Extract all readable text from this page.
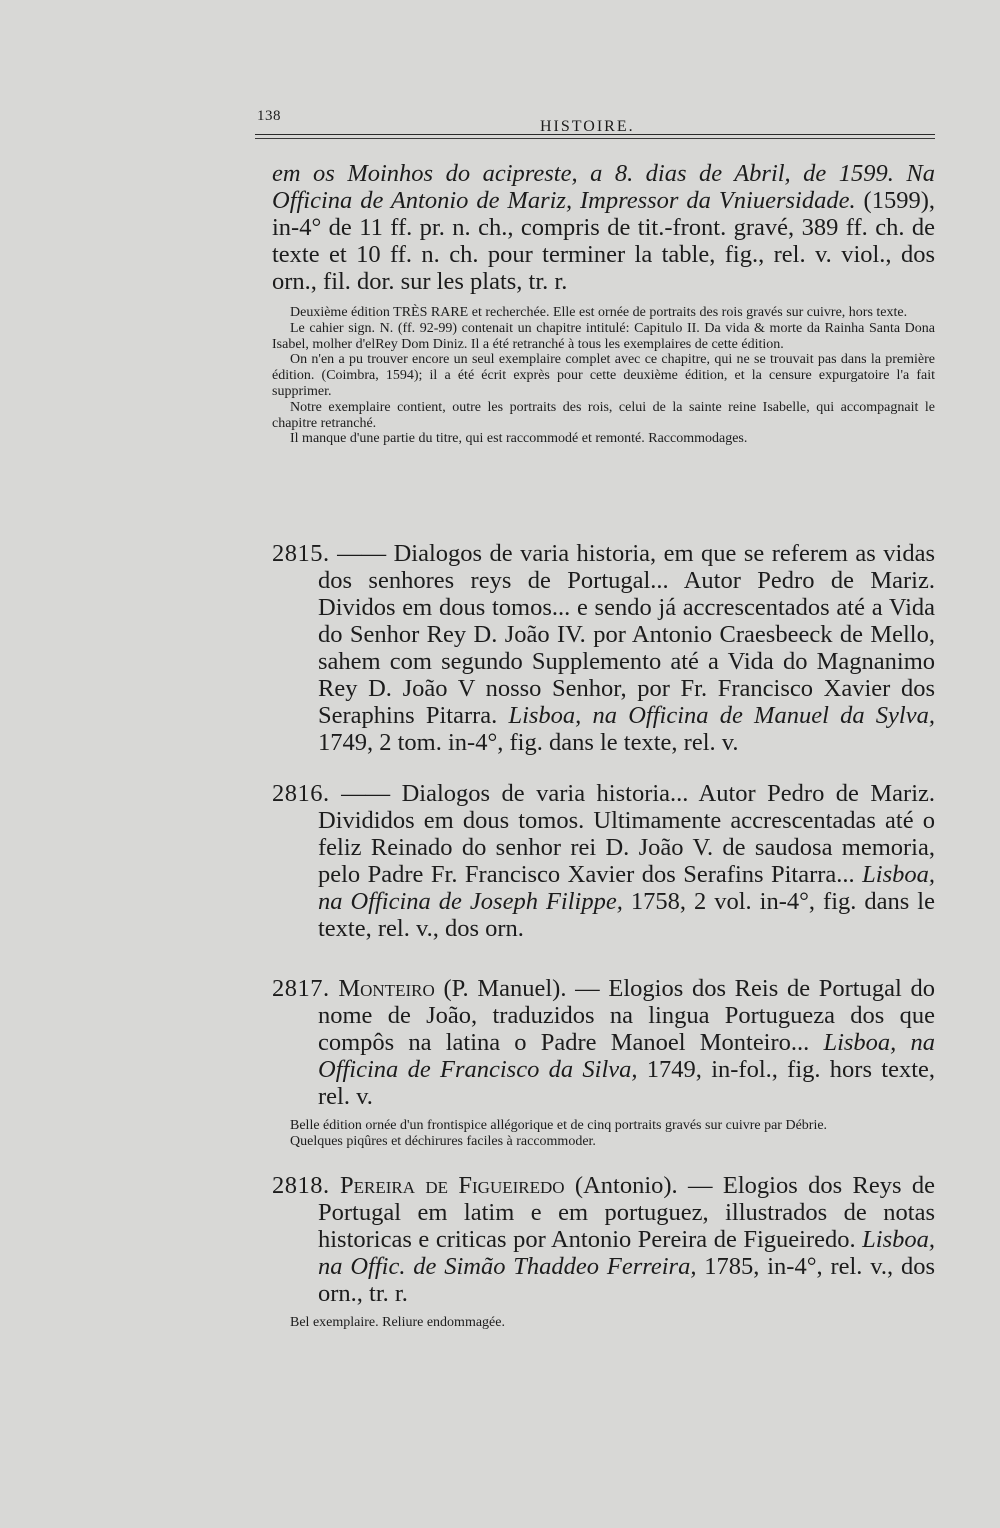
138
HISTOIRE.

em os Moinhos do acipreste, a 8. dias de Abril, de 1599. Na Officina de Antonio de Mariz, Impressor da Vniuersidade. (1599), in-4° de 11 ff. pr. n. ch., compris de tit.-front. gravé, 389 ff. ch. de texte et 10 ff. n. ch. pour terminer la table, fig., rel. v. viol., dos orn., fil. dor. sur les plats, tr. r.

Deuxième édition TRÈS RARE et recherchée. Elle est ornée de portraits des rois gravés sur cuivre, hors texte.

Le cahier sign. N. (ff. 92-99) contenait un chapitre intitulé: Capitulo II. Da vida & morte da Rainha Santa Dona Isabel, molher d'elRey Dom Diniz. Il a été retranché à tous les exemplaires de cette édition.

On n'en a pu trouver encore un seul exemplaire complet avec ce chapitre, qui ne se trouvait pas dans la première édition. (Coimbra, 1594); il a été écrit exprès pour cette deuxième édition, et la censure expurgatoire l'a fait supprimer.

Notre exemplaire contient, outre les portraits des rois, celui de la sainte reine Isabelle, qui accompagnait le chapitre retranché.

Il manque d'une partie du titre, qui est raccommodé et remonté. Raccommodages.

2815. —— Dialogos de varia historia, em que se referem as vidas dos senhores reys de Portugal... Autor Pedro de Mariz. Dividos em dous tomos... e sendo já accrescentados até a Vida do Senhor Rey D. João IV. por Antonio Craesbeeck de Mello, sahem com segundo Supplemento até a Vida do Magnanimo Rey D. João V nosso Senhor, por Fr. Francisco Xavier dos Seraphins Pitarra. Lisboa, na Officina de Manuel da Sylva, 1749, 2 tom. in-4°, fig. dans le texte, rel. v.

2816. —— Dialogos de varia historia... Autor Pedro de Mariz. Divididos em dous tomos. Ultimamente accrescentadas até o feliz Reinado do senhor rei D. João V. de saudosa memoria, pelo Padre Fr. Francisco Xavier dos Serafins Pitarra... Lisboa, na Officina de Joseph Filippe, 1758, 2 vol. in-4°, fig. dans le texte, rel. v., dos orn.

2817. Monteiro (P. Manuel). — Elogios dos Reis de Portugal do nome de João, traduzidos na lingua Portugueza dos que compôs na latina o Padre Manoel Monteiro... Lisboa, na Officina de Francisco da Silva, 1749, in-fol., fig. hors texte, rel. v.

Belle édition ornée d'un frontispice allégorique et de cinq portraits gravés sur cuivre par Débrie.

Quelques piqûres et déchirures faciles à raccommoder.

2818. Pereira de Figueiredo (Antonio). — Elogios dos Reys de Portugal em latim e em portuguez, illustrados de notas historicas e criticas por Antonio Pereira de Figueiredo. Lisboa, na Offic. de Simão Thaddeo Ferreira, 1785, in-4°, rel. v., dos orn., tr. r.

Bel exemplaire. Reliure endommagée.
